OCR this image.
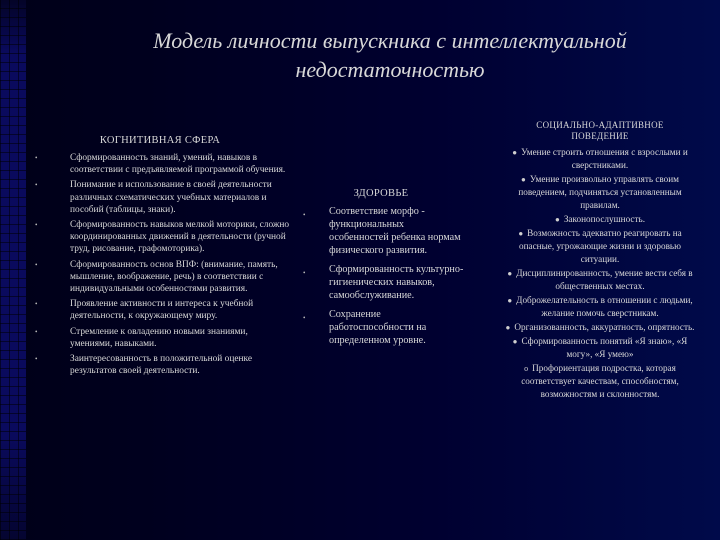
Модель личности выпускника с интеллектуальной недостаточностью
КОГНИТИВНАЯ СФЕРА
•	Сформированность знаний, умений, навыков в соответствии с предъявляемой программой обучения.
•	Понимание и использование в своей деятельности различных схематических учебных материалов и пособий (таблицы, знаки).
•	Сформированность навыков мелкой моторики, сложно координированных движений в деятельности (ручной труд, рисование, графомоторика).
•	Сформированность основ ВПФ: (внимание, память, мышление, воображение, речь) в соответствии с индивидуальными особенностями развития.
•	Проявление активности и интереса к учебной деятельности, к окружающему миру.
•	Стремление к овладению новыми знаниями, умениями, навыками.
•	Заинтересованность в положительной оценке результатов своей деятельности.
ЗДОРОВЬЕ
• Соответствие морфо - функциональных особенностей ребенка нормам физического развития.
• Сформированность культурно-гигиенических навыков, самообслуживание.
• Сохранение работоспособности на определенном уровне.
СОЦИАЛЬНО-АДАПТИВНОЕ ПОВЕДЕНИЕ
● Умение строить отношения с взрослыми и сверстниками.
● Умение произвольно управлять своим поведением, подчиняться установленным правилам.
● Законопослушность.
● Возможность адекватно реагировать на опасные, угрожающие жизни и здоровью ситуации.
● Дисциплинированность, умение вести себя в общественных местах.
● Доброжелательность в отношении с людьми, желание помочь сверстникам.
● Организованность, аккуратность, опрятность.
● Сформированность понятий «Я знаю», «Я могу», «Я умею»
o Профориентация подростка, которая соответствует качествам, способностям, возможностям и склонностям.
